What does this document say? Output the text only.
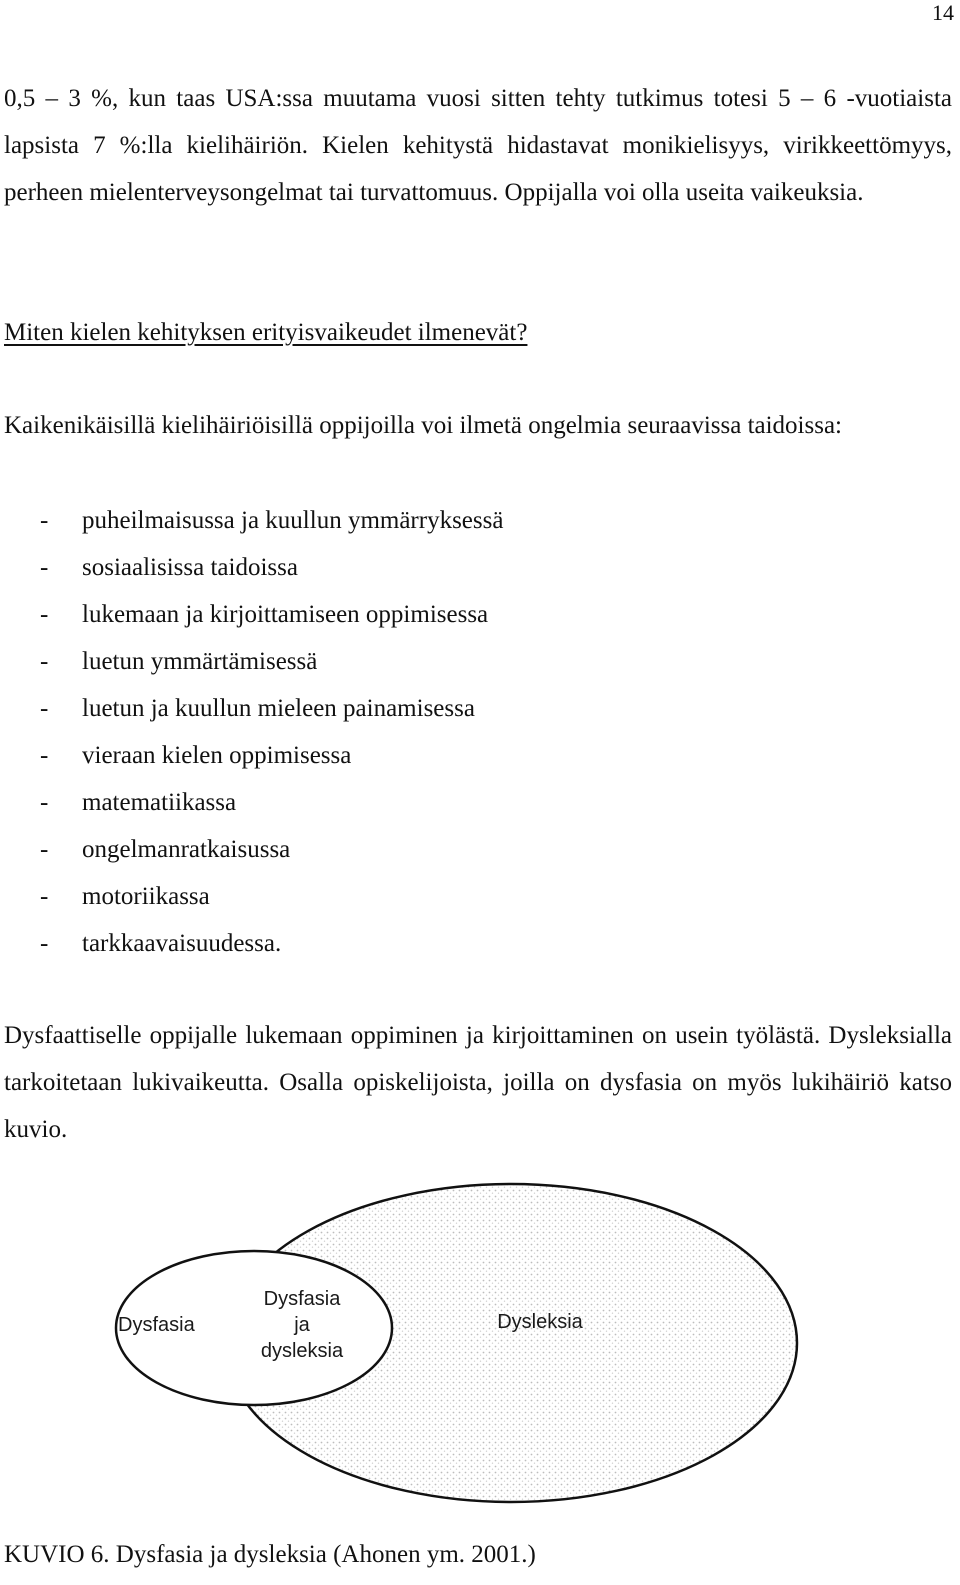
14

0,5 – 3 %, kun taas USA:ssa muutama vuosi sitten tehty tutkimus totesi 5 – 6 -vuotiaista lapsista 7 %:lla kielihäiriön. Kielen kehitystä hidastavat monikielisyys, virikkeettömyys, perheen mielenterveysongelmat tai turvattomuus. Oppijalla voi olla useita vaikeuksia.

Miten kielen kehityksen erityisvaikeudet ilmenevät?

Kaikenikäisillä kielihäiriöisillä oppijoilla voi ilmetä ongelmia seuraavissa taidoissa:

-	puheilmaisussa ja kuullun ymmärryksessä
-	sosiaalisissa taidoissa
-	lukemaan ja kirjoittamiseen oppimisessa
-	luetun ymmärtämisessä
-	luetun ja kuullun mieleen painamisessa
-	vieraan kielen oppimisessa
-	matematiikassa
-	ongelmanratkaisussa
-	motoriikassa
-	tarkkaavaisuudessa.

Dysfaattiselle oppijalle lukemaan oppiminen ja kirjoittaminen on usein työlästä. Dysleksialla tarkoitetaan lukivaikeutta. Osalla opiskelijoista, joilla on dysfasia on myös lukihäiriö katso kuvio.

Dysfasia
Dysfasia
ja
dysleksia
Dysleksia

KUVIO 6. Dysfasia ja dysleksia (Ahonen ym. 2001.)
